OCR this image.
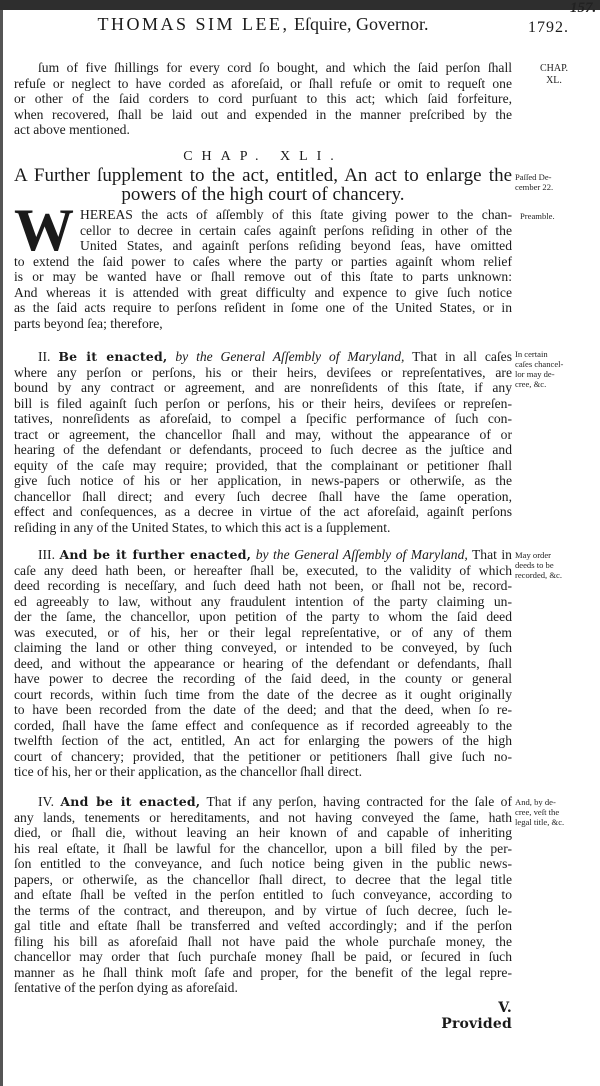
157.
THOMAS SIM LEE, Eſquire, Governor.	1792.
ſum of five ſhillings for every cord ſo bought, and which the ſaid perſon ſhall
refuſe or neglect to have corded as aforeſaid, or ſhall refuſe or omit to requeſt one
or other of the ſaid corders to cord purſuant to this act; which ſaid forfeiture,
when recovered, ſhall be laid out and expended in the manner preſcribed by the
act above mentioned.
CHAP. XLI.
A Further ſupplement to the act, entitled, An act to enlarge the
powers of the high court of chancery.
W HEREAS the acts of aſſembly of this ſtate giving power to the chan-
cellor to decree in certain caſes againſt perſons reſiding in other of the
United States, and againſt perſons reſiding beyond ſeas, have omitted
to extend the ſaid power to caſes where the party or parties againſt whom relief
is or may be wanted have or ſhall remove out of this ſtate to parts unknown:
And whereas it is attended with great difficulty and expence to give ſuch notice
as the ſaid acts require to perſons reſident in ſome one of the United States, or in
parts beyond ſea; therefore,
II. Be it enacted, by the General Aſſembly of Maryland, That in all caſes
where any perſon or perſons, his or their heirs, deviſees or repreſentatives, are
bound by any contract or agreement, and are nonreſidents of this ſtate, if any
bill is filed againſt ſuch perſon or perſons, his or their heirs, deviſees or repreſen-
tatives, nonreſidents as aforeſaid, to compel a ſpecific performance of ſuch con-
tract or agreement, the chancellor ſhall and may, without the appearance of or
hearing of the defendant or defendants, proceed to ſuch decree as the juſtice and
equity of the caſe may require; provided, that the complainant or petitioner ſhall
give ſuch notice of his or her application, in news-papers or otherwiſe, as the
chancellor ſhall direct; and every ſuch decree ſhall have the ſame operation,
effect and conſequences, as a decree in virtue of the act aforeſaid, againſt perſons
reſiding in any of the United States, to which this act is a ſupplement.
III. And be it further enacted, by the General Aſſembly of Maryland, That in
caſe any deed hath been, or hereafter ſhall be, executed, to the validity of which
deed recording is neceſſary, and ſuch deed hath not been, or ſhall not be, record-
ed agreeably to law, without any fraudulent intention of the party claiming un-
der the ſame, the chancellor, upon petition of the party to whom the ſaid deed
was executed, or of his, her or their legal repreſentative, or of any of them
claiming the land or other thing conveyed, or intended to be conveyed, by ſuch
deed, and without the appearance or hearing of the defendant or defendants, ſhall
have power to decree the recording of the ſaid deed, in the county or general
court records, within ſuch time from the date of the decree as it ought originally
to have been recorded from the date of the deed; and that the deed, when ſo re-
corded, ſhall have the ſame effect and conſequence as if recorded agreeably to the
twelfth ſection of the act, entitled, An act for enlarging the powers of the high
court of chancery; provided, that the petitioner or petitioners ſhall give ſuch no-
tice of his, her or their application, as the chancellor ſhall direct.
IV. And be it enacted, That if any perſon, having contracted for the ſale of
any lands, tenements or hereditaments, and not having conveyed the ſame, hath
died, or ſhall die, without leaving an heir known of and capable of inheriting
his real eſtate, it ſhall be lawful for the chancellor, upon a bill filed by the per-
ſon entitled to the conveyance, and ſuch notice being given in the public news-
papers, or otherwiſe, as the chancellor ſhall direct, to decree that the legal title
and eſtate ſhall be veſted in the perſon entitled to ſuch conveyance, according to
the terms of the contract, and thereupon, and by virtue of ſuch decree, ſuch le-
gal title and eſtate ſhall be transferred and veſted accordingly; and if the perſon
filing his bill as aforeſaid ſhall not have paid the whole purchaſe money, the
chancellor may order that ſuch purchaſe money ſhall be paid, or ſecured in ſuch
manner as he ſhall think moſt ſafe and proper, for the benefit of the legal repre-
ſentative of the perſon dying as aforeſaid.
V. Provided
CHAP.
XL.
Paſſed De-
cember 22.
Preamble.
In certain
caſes chancel-
lor may de-
cree, &c.
May order
deeds to be
recorded, &c.
And, by de-
cree, veſt the
legal title, &c.
